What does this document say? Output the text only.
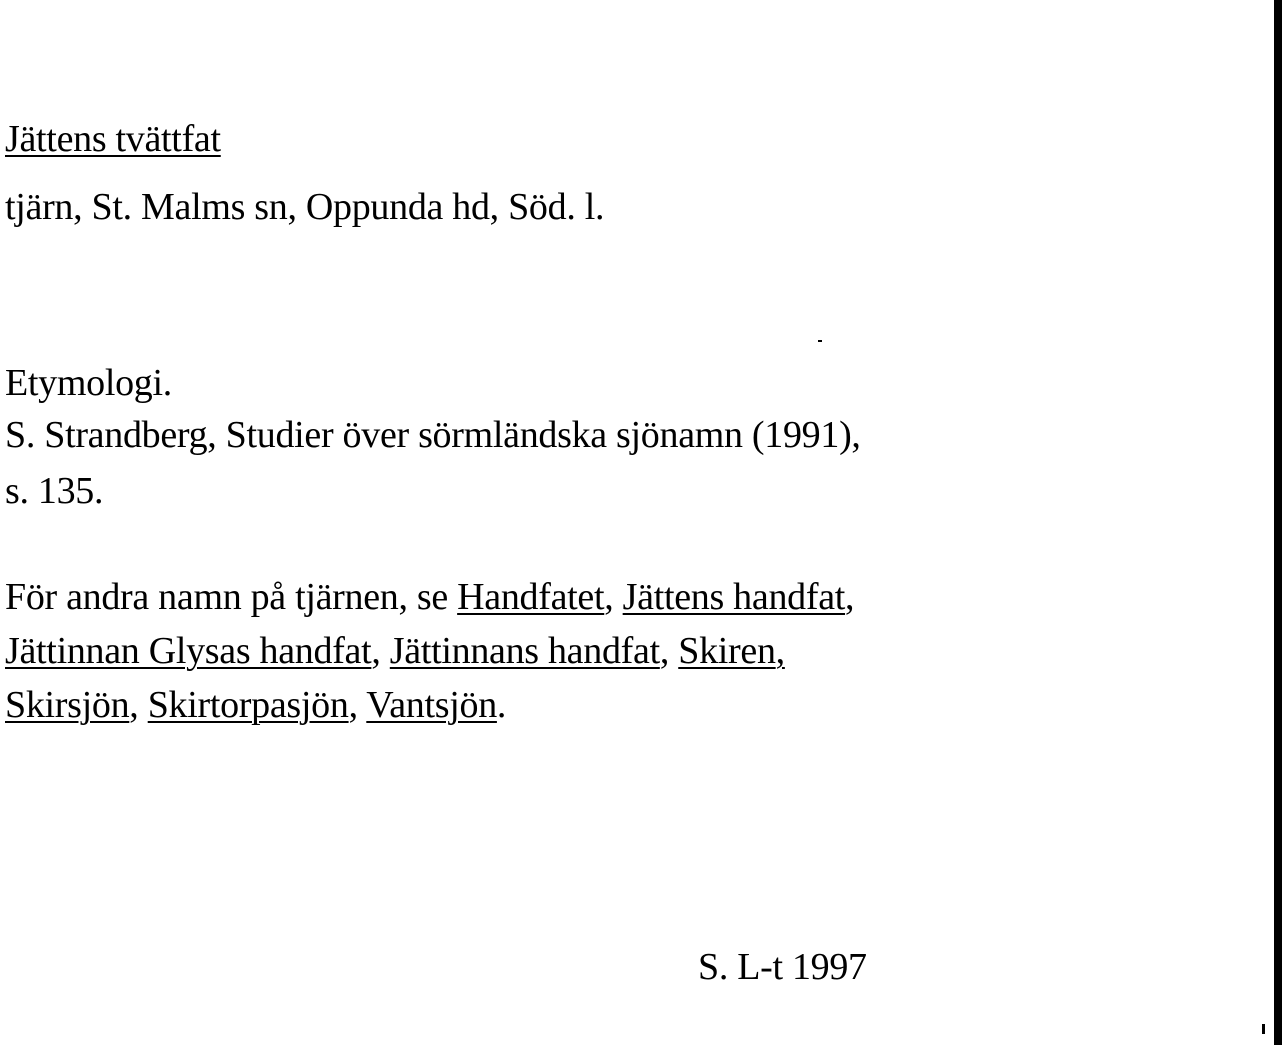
Jättens tvättfat
tjärn, St. Malms sn, Oppunda hd, Söd. l.
Etymologi.
S. Strandberg, Studier över sörmländska sjönamn (1991),
s. 135.
För andra namn på tjärnen, se Handfatet, Jättens handfat,
Jättinnan Glysas handfat, Jättinnans handfat, Skiren,
Skirsjön, Skirtorpasjön, Vantsjön.
S. L-t 1997
